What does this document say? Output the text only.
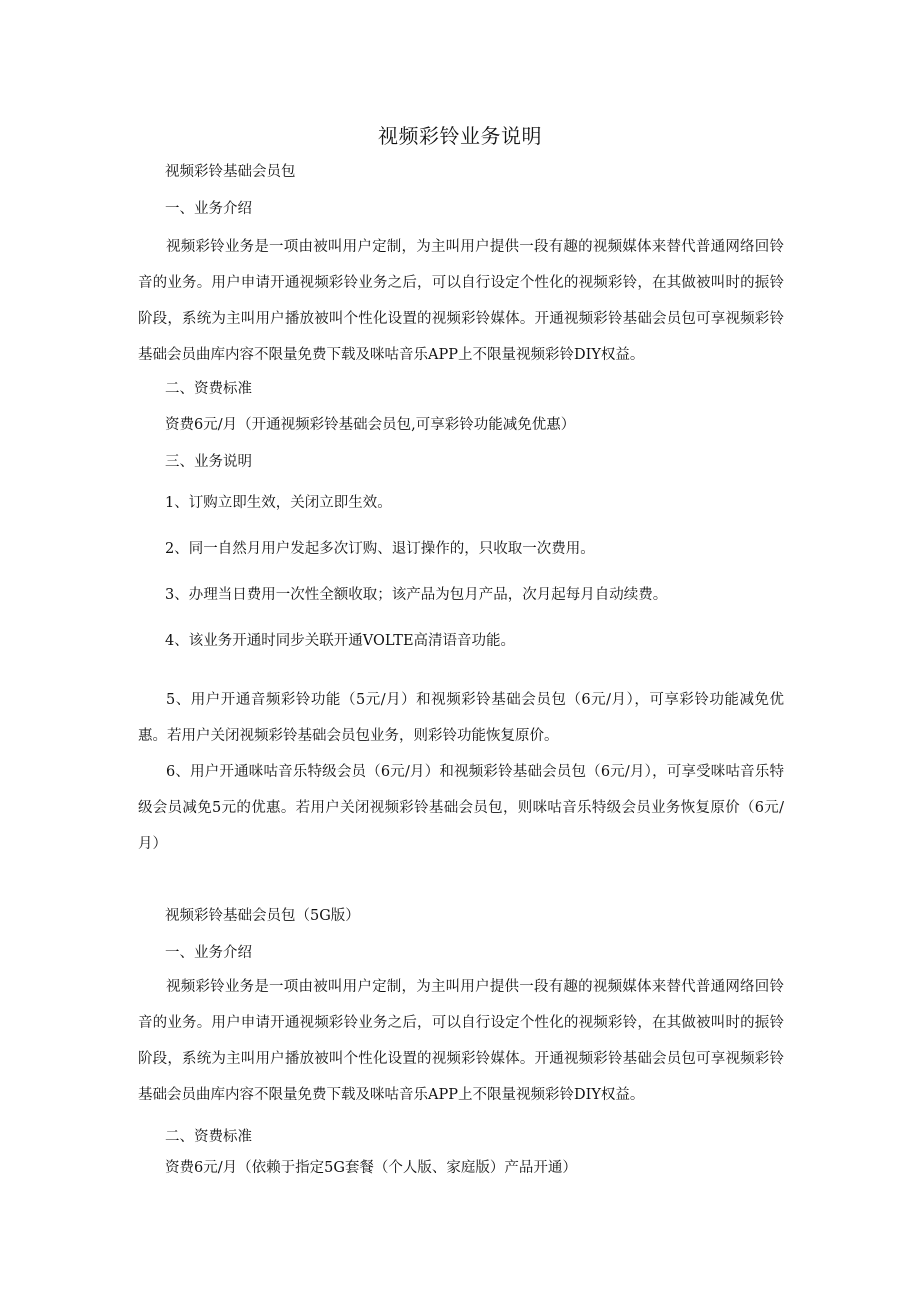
视频彩铃业务说明
视频彩铃基础会员包
一、业务介绍
视频彩铃业务是一项由被叫用户定制，为主叫用户提供一段有趣的视频媒体来替代普通网络回铃音的业务。用户申请开通视频彩铃业务之后，可以自行设定个性化的视频彩铃，在其做被叫时的振铃阶段，系统为主叫用户播放被叫个性化设置的视频彩铃媒体。开通视频彩铃基础会员包可享视频彩铃基础会员曲库内容不限量免费下载及咪咕音乐APP上不限量视频彩铃DIY权益。
二、资费标准
资费6元/月（开通视频彩铃基础会员包,可享彩铃功能减免优惠）
三、业务说明
1、订购立即生效，关闭立即生效。
2、同一自然月用户发起多次订购、退订操作的，只收取一次费用。
3、办理当日费用一次性全额收取；该产品为包月产品，次月起每月自动续费。
4、该业务开通时同步关联开通VOLTE高清语音功能。
5、用户开通音频彩铃功能（5元/月）和视频彩铃基础会员包（6元/月），可享彩铃功能减免优惠。若用户关闭视频彩铃基础会员包业务，则彩铃功能恢复原价。
6、用户开通咪咕音乐特级会员（6元/月）和视频彩铃基础会员包（6元/月），可享受咪咕音乐特级会员减免5元的优惠。若用户关闭视频彩铃基础会员包，则咪咕音乐特级会员业务恢复原价（6元/月）
视频彩铃基础会员包（5G版）
一、业务介绍
视频彩铃业务是一项由被叫用户定制，为主叫用户提供一段有趣的视频媒体来替代普通网络回铃音的业务。用户申请开通视频彩铃业务之后，可以自行设定个性化的视频彩铃，在其做被叫时的振铃阶段，系统为主叫用户播放被叫个性化设置的视频彩铃媒体。开通视频彩铃基础会员包可享视频彩铃基础会员曲库内容不限量免费下载及咪咕音乐APP上不限量视频彩铃DIY权益。
二、资费标准
资费6元/月（依赖于指定5G套餐（个人版、家庭版）产品开通）
